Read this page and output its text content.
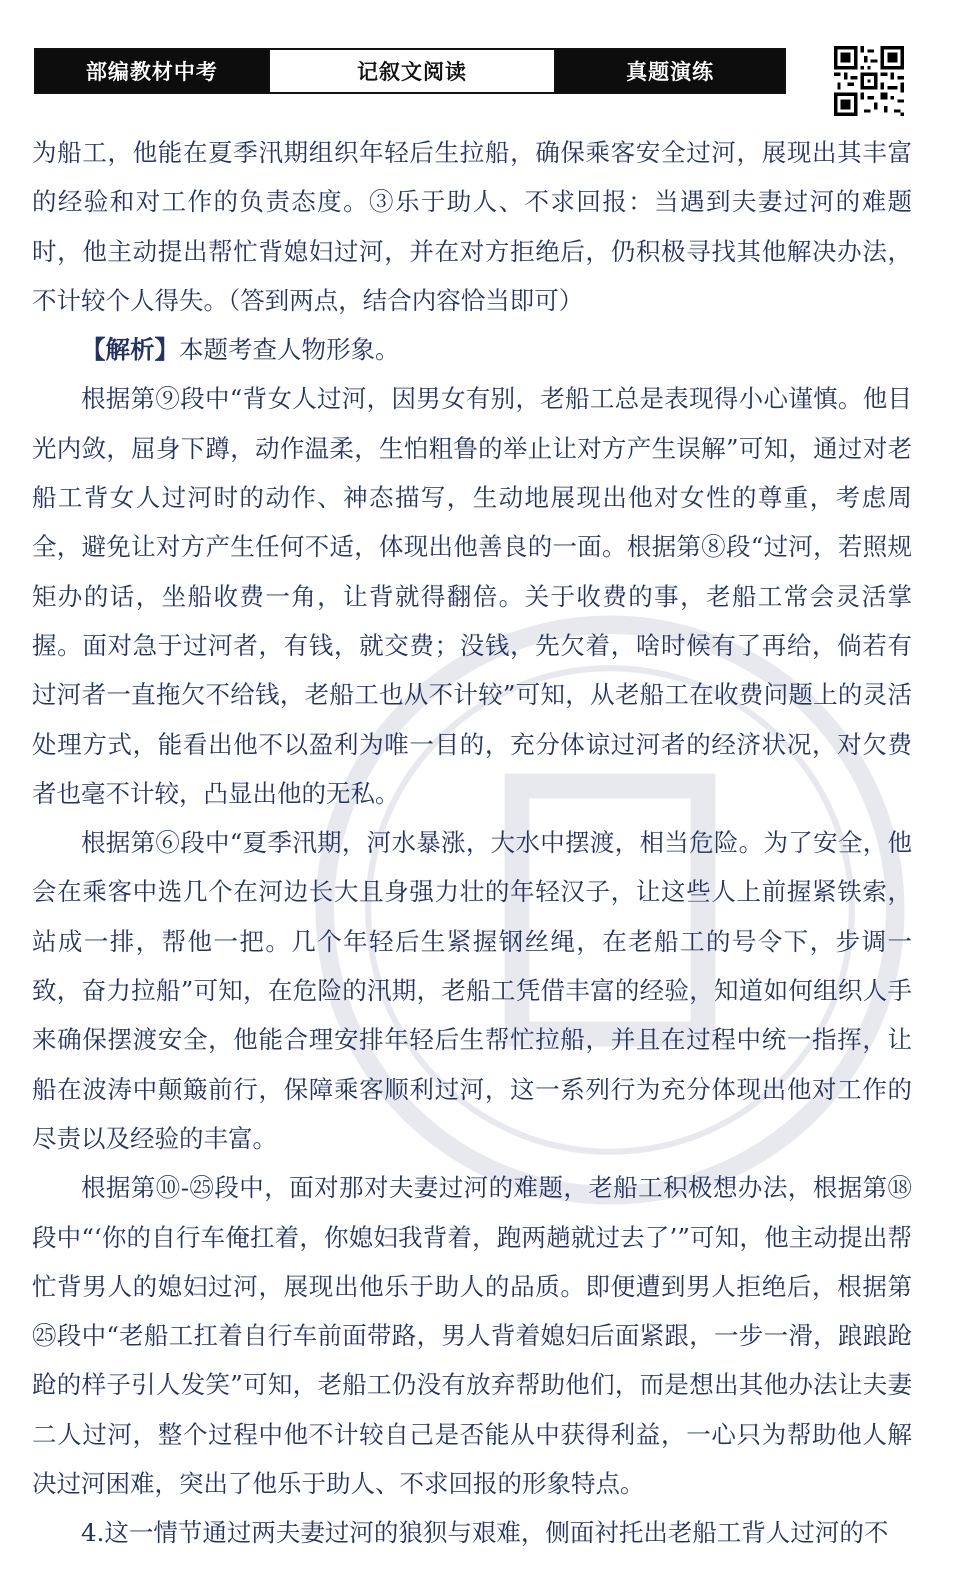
部编教材中考	记叙文阅读	真题演练

为船工，他能在夏季汛期组织年轻后生拉船，确保乘客安全过河，展现出其丰富的经验和对工作的负责态度。③乐于助人、不求回报：当遇到夫妻过河的难题时，他主动提出帮忙背媳妇过河，并在对方拒绝后，仍积极寻找其他解决办法，不计较个人得失。（答到两点，结合内容恰当即可）

【解析】本题考查人物形象。

根据第⑨段中“背女人过河，因男女有别，老船工总是表现得小心谨慎。他目光内敛，屈身下蹲，动作温柔，生怕粗鲁的举止让对方产生误解”可知，通过对老船工背女人过河时的动作、神态描写，生动地展现出他对女性的尊重，考虑周全，避免让对方产生任何不适，体现出他善良的一面。根据第⑧段“过河，若照规矩办的话，坐船收费一角，让背就得翻倍。关于收费的事，老船工常会灵活掌握。面对急于过河者，有钱，就交费；没钱，先欠着，啥时候有了再给，倘若有过河者一直拖欠不给钱，老船工也从不计较”可知，从老船工在收费问题上的灵活处理方式，能看出他不以盈利为唯一目的，充分体谅过河者的经济状况，对欠费者也毫不计较，凸显出他的无私。

根据第⑥段中“夏季汛期，河水暴涨，大水中摆渡，相当危险。为了安全，他会在乘客中选几个在河边长大且身强力壮的年轻汉子，让这些人上前握紧铁索，站成一排，帮他一把。几个年轻后生紧握钢丝绳，在老船工的号令下，步调一致，奋力拉船”可知，在危险的汛期，老船工凭借丰富的经验，知道如何组织人手来确保摆渡安全，他能合理安排年轻后生帮忙拉船，并且在过程中统一指挥，让船在波涛中颠簸前行，保障乘客顺利过河，这一系列行为充分体现出他对工作的尽责以及经验的丰富。

根据第⑩-㉕段中，面对那对夫妻过河的难题，老船工积极想办法，根据第⑱段中“‘你的自行车俺扛着，你媳妇我背着，跑两趟就过去了’”可知，他主动提出帮忙背男人的媳妇过河，展现出他乐于助人的品质。即便遭到男人拒绝后，根据第㉕段中“老船工扛着自行车前面带路，男人背着媳妇后面紧跟，一步一滑，踉踉跄跄的样子引人发笑”可知，老船工仍没有放弃帮助他们，而是想出其他办法让夫妻二人过河，整个过程中他不计较自己是否能从中获得利益，一心只为帮助他人解决过河困难，突出了他乐于助人、不求回报的形象特点。

4.这一情节通过两夫妻过河的狼狈与艰难，侧面衬托出老船工背人过河的不
